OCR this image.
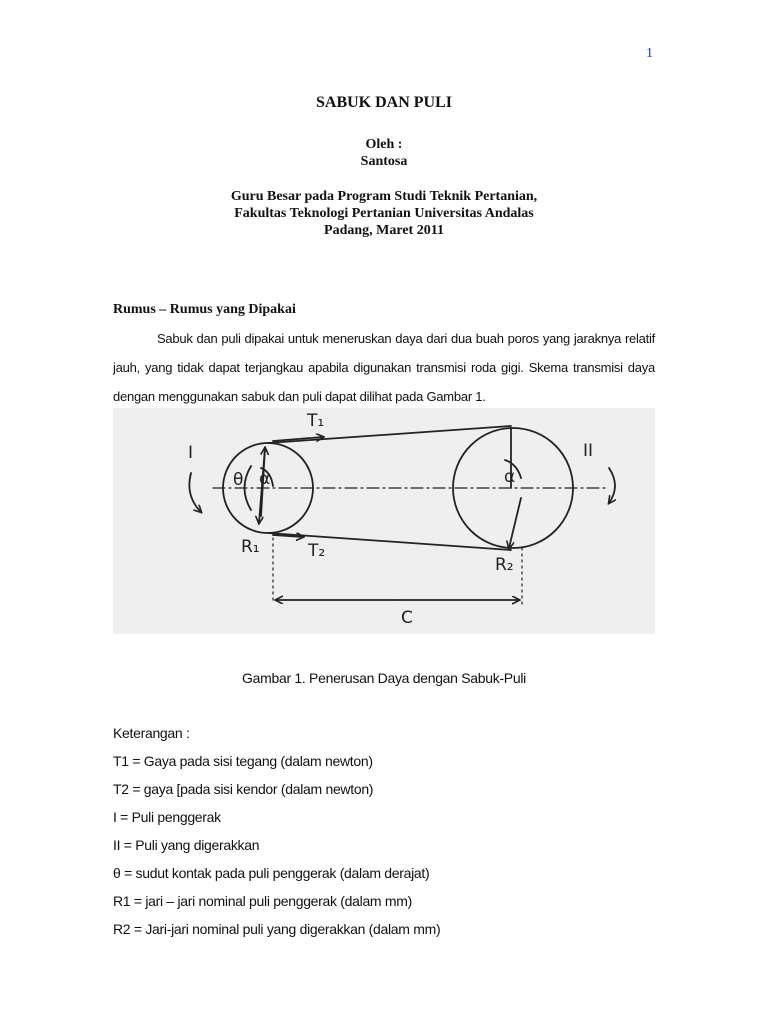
1
SABUK DAN PULI
Oleh :
Santosa
Guru Besar pada Program Studi Teknik Pertanian,
Fakultas Teknologi Pertanian Universitas Andalas
Padang, Maret 2011
Rumus – Rumus yang Dipakai
Sabuk dan puli dipakai untuk meneruskan daya dari dua buah poros yang jaraknya relatif jauh, yang tidak dapat terjangkau apabila digunakan transmisi roda gigi. Skema transmisi daya dengan menggunakan sabuk dan puli dapat dilihat pada Gambar 1.
I	II
T₁
T₂
R₁
R₂
θ α	α
C
Gambar 1. Penerusan Daya dengan Sabuk-Puli
Keterangan :
T1 = Gaya pada sisi tegang (dalam newton)
T2 = gaya [pada sisi kendor (dalam newton)
I = Puli penggerak
II = Puli yang digerakkan
θ = sudut kontak pada puli penggerak (dalam derajat)
R1 = jari – jari nominal puli penggerak (dalam mm)
R2 = Jari-jari nominal puli yang digerakkan (dalam mm)
